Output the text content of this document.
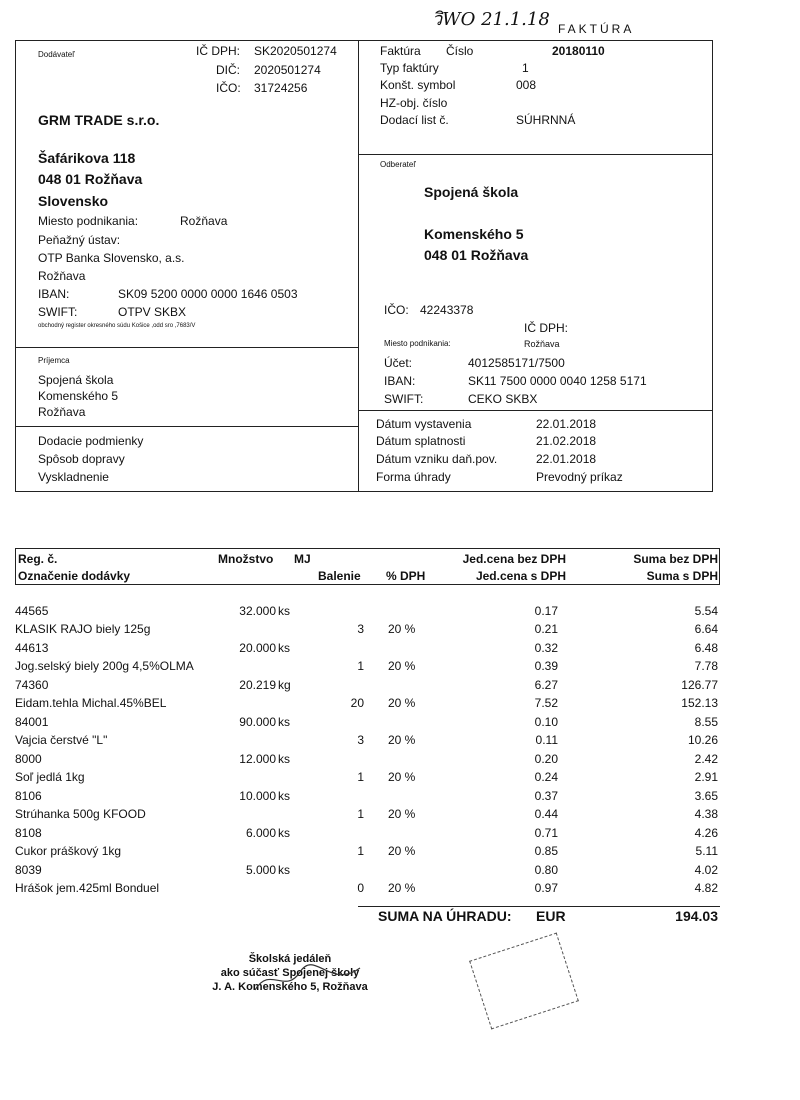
วิWO 21.1.18 FAKTÚRA
Dodávateľ	IČ DPH: SK2020501274
DIČ: 2020501274
IČO: 31724256
GRM TRADE s.r.o.
Šafárikova 118
048 01 Rožňava
Slovensko
Miesto podnikania:	Rožňava
Peňažný ústav:
OTP Banka Slovensko, a.s.
Rožňava
IBAN:	SK09 5200 0000 0000 1646 0503
SWIFT:	OTPV SKBX
obchodný register okresného súdu Košice ,odd sro ,7683/V
Faktúra Číslo	20180110
Typ faktúry	1
Konšt. symbol	008
HZ-obj. číslo
Dodací list č.	SÚHRNNÁ
Odberateľ
Spojená škola
Komenského 5
048 01 Rožňava
IČO: 42243378
IČ DPH:
Miesto podnikania:	Rožňava
Účet:	4012585171/7500
IBAN:	SK11 7500 0000 0040 1258 5171
SWIFT:	CEKO SKBX
Príjemca
Spojená škola
Komenského 5
Rožňava
Dodacie podmienky
Spôsob dopravy
Vyskladnenie
Dátum vystavenia	22.01.2018
Dátum splatnosti	21.02.2018
Dátum vzniku daň.pov.	22.01.2018
Forma úhrady	Prevodný príkaz
Reg. č.	Množstvo MJ	Jed.cena bez DPH	Suma bez DPH
Označenie dodávky	Balenie % DPH	Jed.cena s DPH	Suma s DPH
44565	32.000 ks	0.17	5.54
KLASIK RAJO biely 125g	3 20 %	0.21	6.64
44613	20.000 ks	0.32	6.48
Jog.selský biely 200g 4,5%OLMA	1 20 %	0.39	7.78
74360	20.219 kg	6.27	126.77
Eidam.tehla Michal.45%BEL	20 20 %	7.52	152.13
84001	90.000 ks	0.10	8.55
Vajcia čerstvé "L"	3 20 %	0.11	10.26
8000	12.000 ks	0.20	2.42
Soľ jedlá 1kg	1 20 %	0.24	2.91
8106	10.000 ks	0.37	3.65
Strúhanka 500g KFOOD	1 20 %	0.44	4.38
8108	6.000 ks	0.71	4.26
Cukor práškový 1kg	1 20 %	0.85	5.11
8039	5.000 ks	0.80	4.02
Hrášok jem.425ml Bonduel	0 20 %	0.97	4.82
SUMA NA ÚHRADU: EUR	194.03
Školská jedáleň
ako súčasť Spojenej školy
J. A. Komenského 5, Rožňava
